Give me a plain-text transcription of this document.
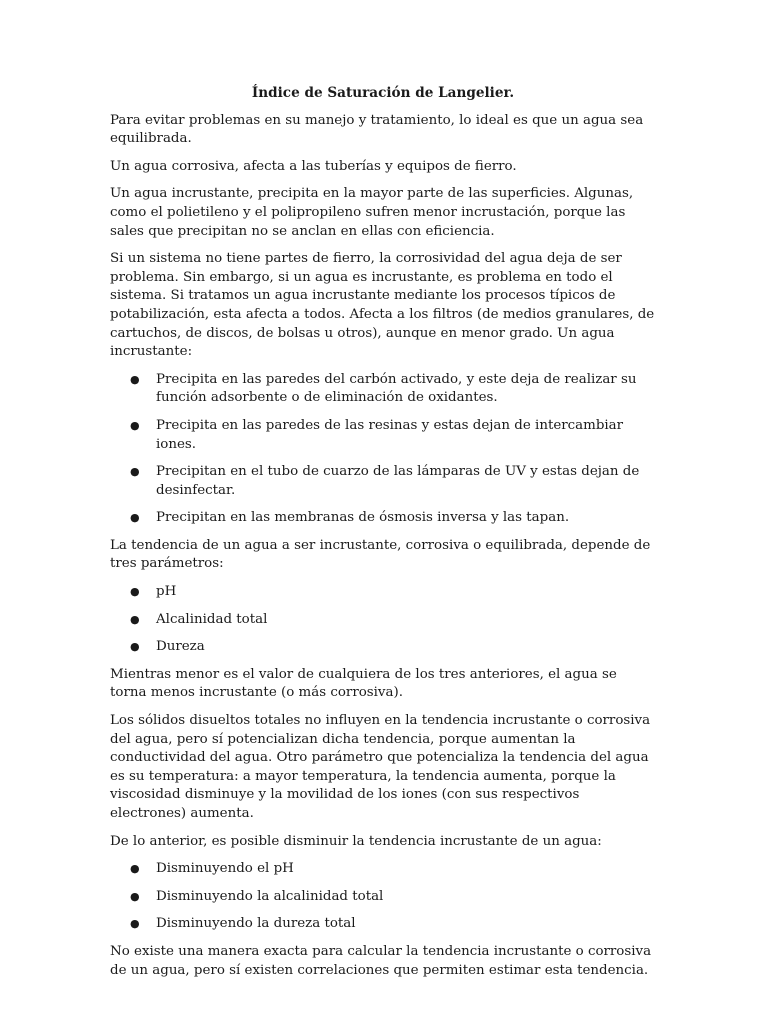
Índice de Saturación de Langelier.

Para evitar problemas en su manejo y tratamiento, lo ideal es que un agua sea equilibrada.

Un agua corrosiva, afecta a las tuberías y equipos de fierro.

Un agua incrustante, precipita en la mayor parte de las superficies. Algunas, como el polietileno y el polipropileno sufren menor incrustación, porque las sales que precipitan no se anclan en ellas con eficiencia.

Si un sistema no tiene partes de fierro, la corrosividad del agua deja de ser problema. Sin embargo, si un agua es incrustante, es problema en todo el sistema. Si tratamos un agua incrustante mediante los procesos típicos de potabilización, esta afecta a todos. Afecta a los filtros (de medios granulares, de cartuchos, de discos, de bolsas u otros), aunque en menor grado. Un agua incrustante:

● Precipita en las paredes del carbón activado, y este deja de realizar su función adsorbente o de eliminación de oxidantes.
● Precipita en las paredes de las resinas y estas dejan de intercambiar iones.
● Precipitan en el tubo de cuarzo de las lámparas de UV y estas dejan de desinfectar.
● Precipitan en las membranas de ósmosis inversa y las tapan.

La tendencia de un agua a ser incrustante, corrosiva o equilibrada, depende de tres parámetros:

● pH
● Alcalinidad total
● Dureza

Mientras menor es el valor de cualquiera de los tres anteriores, el agua se torna menos incrustante (o más corrosiva).

Los sólidos disueltos totales no influyen en la tendencia incrustante o corrosiva del agua, pero sí potencializan dicha tendencia, porque aumentan la conductividad del agua. Otro parámetro que potencializa la tendencia del agua es su temperatura: a mayor temperatura, la tendencia aumenta, porque la viscosidad disminuye y la movilidad de los iones (con sus respectivos electrones) aumenta.

De lo anterior, es posible disminuir la tendencia incrustante de un agua:

● Disminuyendo el pH
● Disminuyendo la alcalinidad total
● Disminuyendo la dureza total

No existe una manera exacta para calcular la tendencia incrustante o corrosiva de un agua, pero sí existen correlaciones que permiten estimar esta tendencia.
